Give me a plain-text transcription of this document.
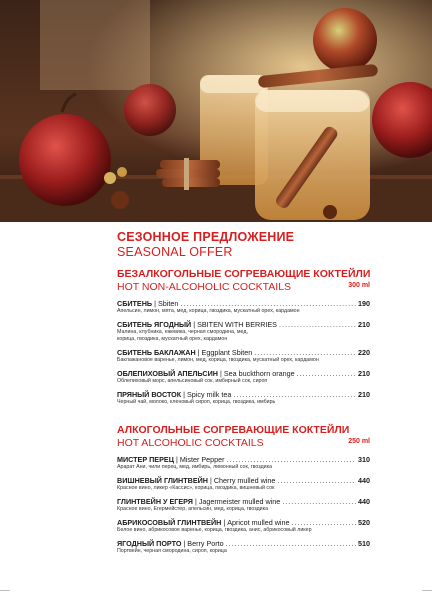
СЕЗОННОЕ ПРЕДЛОЖЕНИЕ
SEASONAL OFFER
БЕЗАЛКОГОЛЬНЫЕ СОГРЕВАЮЩИЕ КОКТЕЙЛИ
HOT NON-ALCOHOLIC COCKTAILS	300 ml
СБИТЕНЬ | Sbiten .....	190
Апельсин, лимон, мята, мед, корица, гвоздика, мускатный орех, кардамон
СБИТЕНЬ ЯГОДНЫЙ | SBITEN WITH BERRIES .....	210
Малина, клубника, ежевика, черная смородина, мед,
корица, гвоздика, мускатный орех, кардамон
СБИТЕНЬ БАКЛАЖАН | Eggplant Sbiten .....	220
Баклажановое варенье, лимон, мед, корица, гвоздика, мускатный орех, кардамон
ОБЛЕПИХОВЫЙ АПЕЛЬСИН | Sea buckthorn orange .....	210
Облепиховый морс, апельсиновый сок, имбирный сок, сироп
ПРЯНЫЙ ВОСТОК | Spicy milk tea .....	210
Черный чай, молоко, кленовый сироп, корица, гвоздика, имбирь
АЛКОГОЛЬНЫЕ СОГРЕВАЮЩИЕ КОКТЕЙЛИ
HOT ALCOHOLIC COCKTAILS	250 ml
МИСТЕР ПЕРЕЦ | Mister Pepper .....	310
Арарат Ани, чили перец, мед, имбирь, лимонный сок, гвоздика
ВИШНЕВЫЙ ГЛИНТВЕЙН | Cherry mulled wine .....	440
Красное вино, ликер «Кассис», корица, гвоздика, вишневый сок
ГЛИНТВЕЙН У ЕГЕРЯ | Jagermeister mulled wine .....	440
Красное вино, Егермейстер, апельсин, мед, корица, гвоздика
АБРИКОСОВЫЙ ГЛИНТВЕЙН | Apricot mulled wine .....	520
Белое вино, абрикосовое варенье, корица, гвоздика, анис, абрикосовый ликер
ЯГОДНЫЙ ПОРТО | Berry Porto .....	510
Портвейн, черная смородина, сироп, корица
